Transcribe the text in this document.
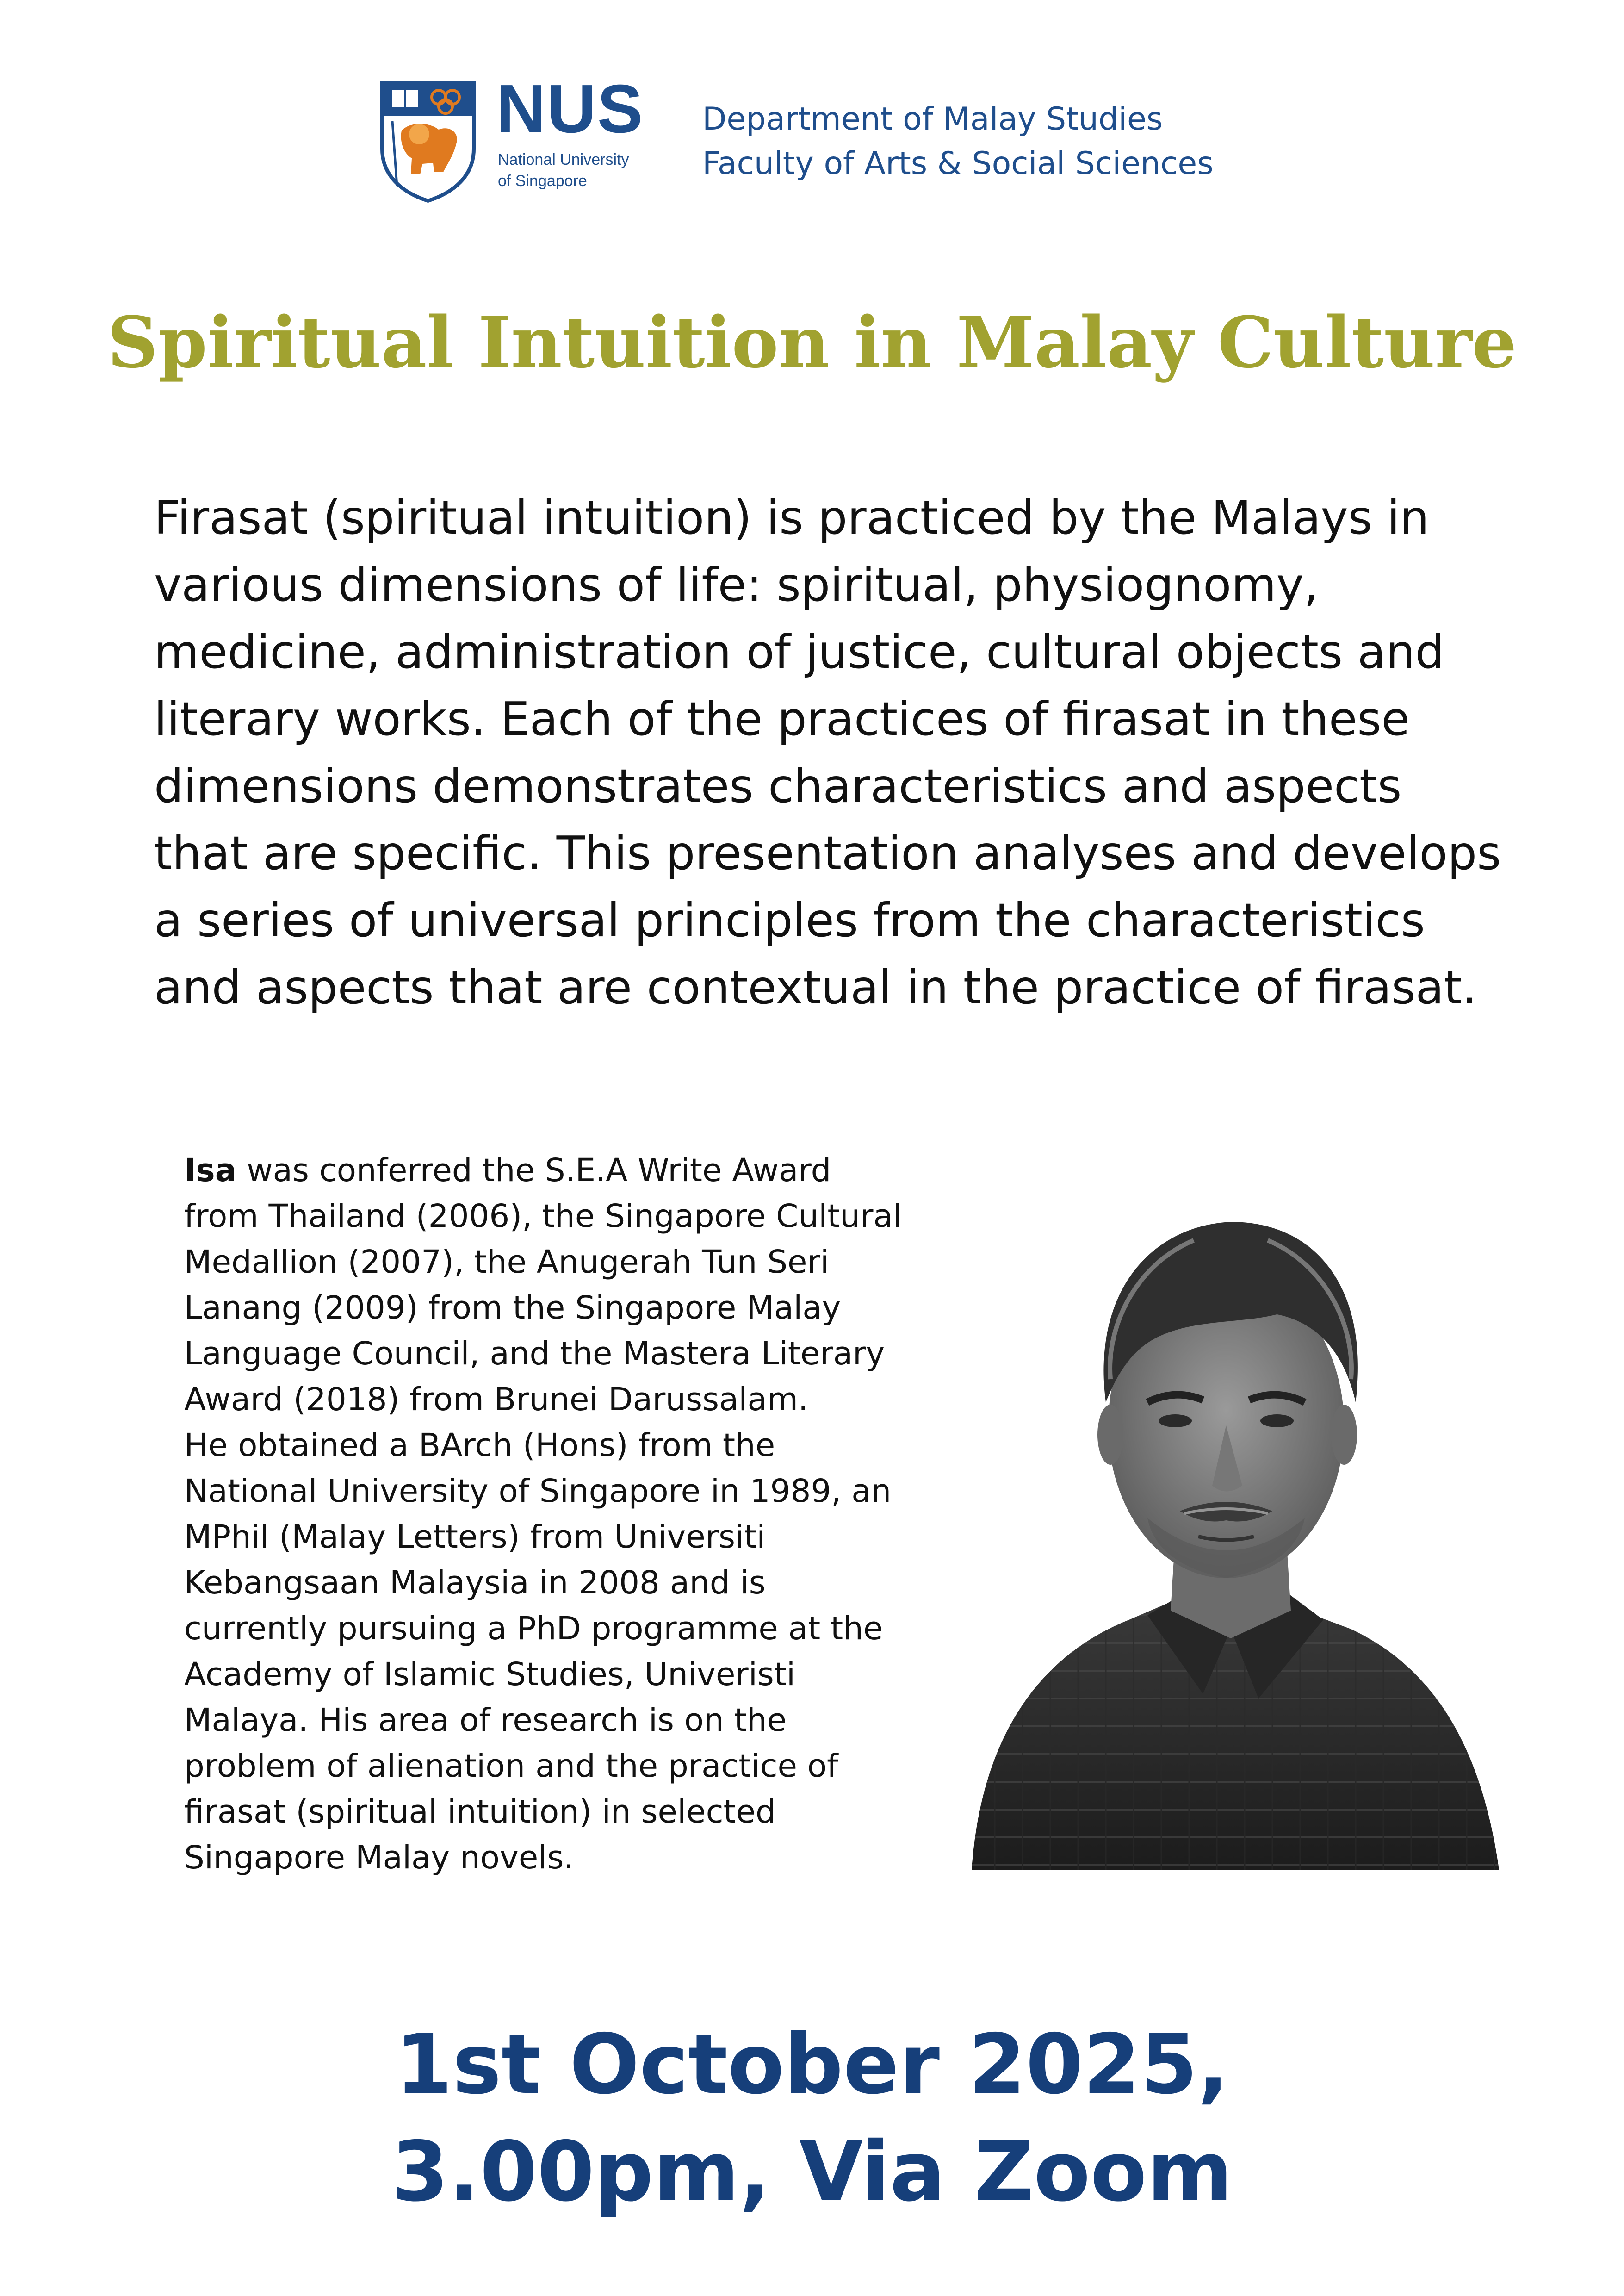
NUS
National University
of Singapore
Department of Malay Studies
Faculty of Arts & Social Sciences
Spiritual Intuition in Malay Culture
Firasat (spiritual intuition) is practiced by the Malays in various dimensions of life: spiritual, physiognomy, medicine, administration of justice, cultural objects and literary works. Each of the practices of firasat in these dimensions demonstrates characteristics and aspects that are specific. This presentation analyses and develops a series of universal principles from the characteristics and aspects that are contextual in the practice of firasat.

Isa was conferred the S.E.A Write Award from Thailand (2006), the Singapore Cultural Medallion (2007), the Anugerah Tun Seri Lanang (2009) from the Singapore Malay Language Council, and the Mastera Literary Award (2018) from Brunei Darussalam.

He obtained a BArch (Hons) from the National University of Singapore in 1989, an MPhil (Malay Letters) from Universiti Kebangsaan Malaysia in 2008 and is currently pursuing a PhD programme at the Academy of Islamic Studies, Univeristi Malaya. His area of research is on the problem of alienation and the practice of firasat (spiritual intuition) in selected Singapore Malay novels.

1st October 2025,
3.00pm, Via Zoom
